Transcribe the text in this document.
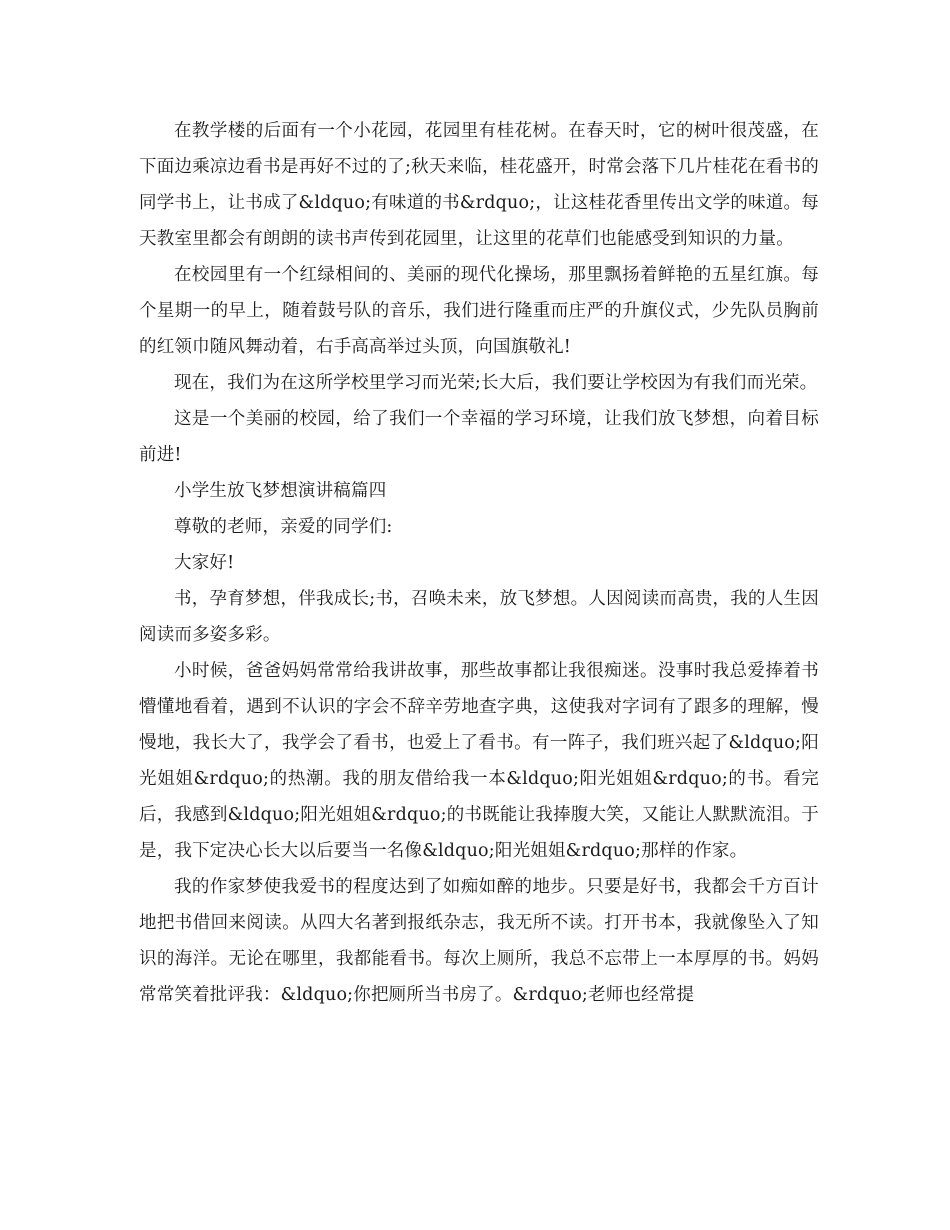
在教学楼的后面有一个小花园，花园里有桂花树。在春天时，它的树叶很茂盛，在下面边乘凉边看书是再好不过的了;秋天来临，桂花盛开，时常会落下几片桂花在看书的同学书上，让书成了&ldquo;有味道的书&rdquo;，让这桂花香里传出文学的味道。每天教室里都会有朗朗的读书声传到花园里，让这里的花草们也能感受到知识的力量。

在校园里有一个红绿相间的、美丽的现代化操场，那里飘扬着鲜艳的五星红旗。每个星期一的早上，随着鼓号队的音乐，我们进行隆重而庄严的升旗仪式，少先队员胸前的红领巾随风舞动着，右手高高举过头顶，向国旗敬礼!

现在，我们为在这所学校里学习而光荣;长大后，我们要让学校因为有我们而光荣。

这是一个美丽的校园，给了我们一个幸福的学习环境，让我们放飞梦想，向着目标前进!

小学生放飞梦想演讲稿篇四

尊敬的老师，亲爱的同学们:

大家好!

书，孕育梦想，伴我成长;书，召唤未来，放飞梦想。人因阅读而高贵，我的人生因阅读而多姿多彩。

小时候，爸爸妈妈常常给我讲故事，那些故事都让我很痴迷。没事时我总爱捧着书懵懂地看着，遇到不认识的字会不辞辛劳地查字典，这使我对字词有了跟多的理解，慢慢地，我长大了，我学会了看书，也爱上了看书。有一阵子，我们班兴起了&ldquo;阳光姐姐&rdquo;的热潮。我的朋友借给我一本&ldquo;阳光姐姐&rdquo;的书。看完后，我感到&ldquo;阳光姐姐&rdquo;的书既能让我捧腹大笑，又能让人默默流泪。于是，我下定决心长大以后要当一名像&ldquo;阳光姐姐&rdquo;那样的作家。

我的作家梦使我爱书的程度达到了如痴如醉的地步。只要是好书，我都会千方百计地把书借回来阅读。从四大名著到报纸杂志，我无所不读。打开书本，我就像坠入了知识的海洋。无论在哪里，我都能看书。每次上厕所，我总不忘带上一本厚厚的书。妈妈常常笑着批评我：&ldquo;你把厕所当书房了。&rdquo;老师也经常提
